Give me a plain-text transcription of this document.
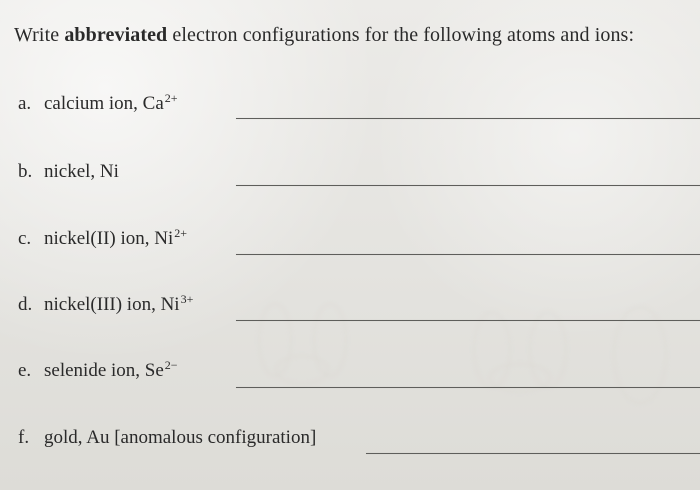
Write abbreviated electron configurations for the following atoms and ions:
a. calcium ion, $Ca^{2+}$
b. nickel, Ni
c. nickel(II) ion, $Ni^{2+}$
d. nickel(III) ion, $Ni^{3+}$
e. selenide ion, $Se^{2-}$
f. gold, Au [anomalous configuration]
